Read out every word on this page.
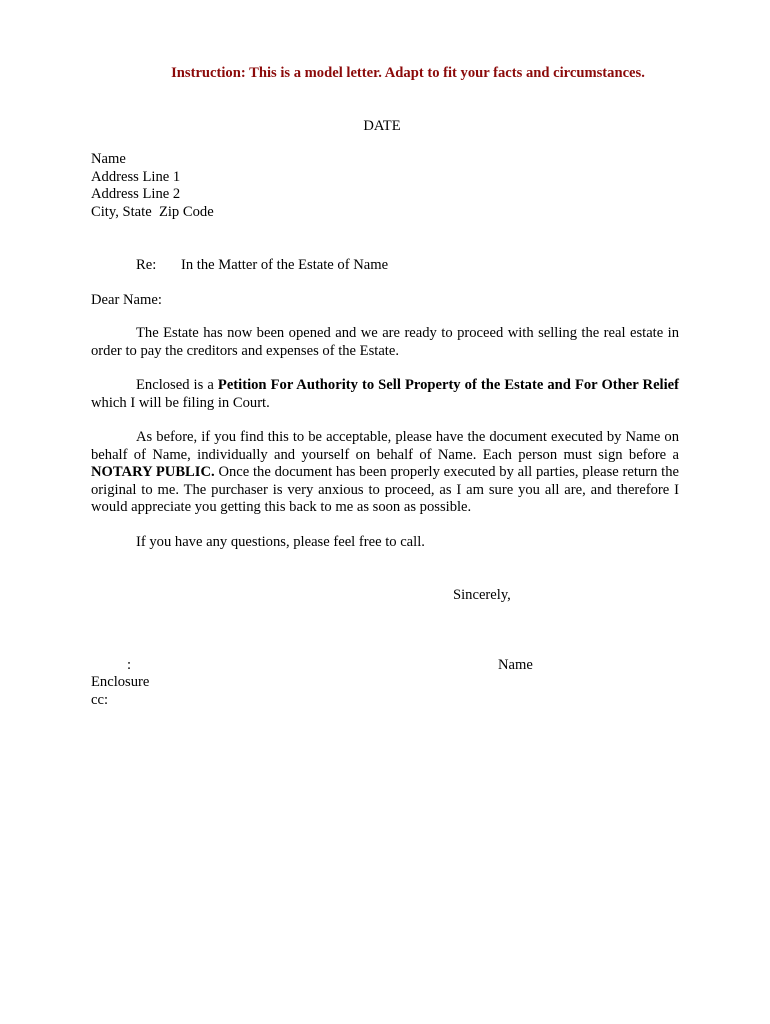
Instruction: This is a model letter. Adapt to fit your facts and circumstances.
DATE
Name
Address Line 1
Address Line 2
City, State  Zip Code
Re: In the Matter of the Estate of Name
Dear Name:
The Estate has now been opened and we are ready to proceed with selling the real estate in order to pay the creditors and expenses of the Estate.
Enclosed is a Petition For Authority to Sell Property of the Estate and For Other Relief which I will be filing in Court.
As before, if you find this to be acceptable, please have the document executed by Name on behalf of Name, individually and yourself on behalf of Name. Each person must sign before a NOTARY PUBLIC. Once the document has been properly executed by all parties, please return the original to me. The purchaser is very anxious to proceed, as I am sure you all are, and therefore I would appreciate you getting this back to me as soon as possible.
If you have any questions, please feel free to call.
Sincerely,
:	Name
Enclosure
cc:
